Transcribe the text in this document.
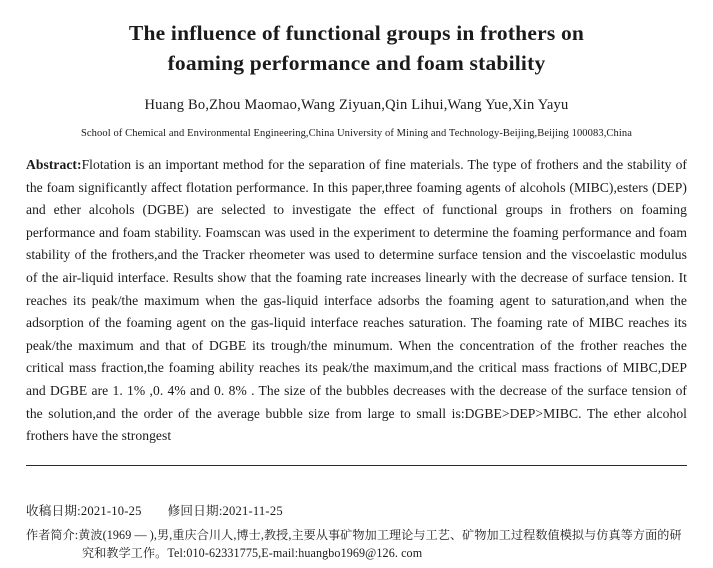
The influence of functional groups in frothers on
foaming performance and foam stability
Huang Bo,Zhou Maomao,Wang Ziyuan,Qin Lihui,Wang Yue,Xin Yayu
School of Chemical and Environmental Engineering,China University of Mining and Technology-Beijing,Beijing 100083,China
Abstract:Flotation is an important method for the separation of fine materials. The type of frothers and the stability of the foam significantly affect flotation performance. In this paper,three foaming agents of alcohols (MIBC),esters (DEP) and ether alcohols (DGBE) are selected to investigate the effect of functional groups in frothers on foaming performance and foam stability. Foamscan was used in the experiment to determine the foaming performance and foam stability of the frothers,and the Tracker rheometer was used to determine surface tension and the viscoelastic modulus of the air-liquid interface. Results show that the foaming rate increases linearly with the decrease of surface tension. It reaches its peak/the maximum when the gas-liquid interface adsorbs the foaming agent to saturation,and when the adsorption of the foaming agent on the gas-liquid interface reaches saturation. The foaming rate of MIBC reaches its peak/the maximum and that of DGBE its trough/the minumum. When the concentration of the frother reaches the critical mass fraction,the foaming ability reaches its peak/the maximum,and the critical mass fractions of MIBC,DEP and DGBE are 1. 1% ,0. 4% and 0. 8% . The size of the bubbles decreases with the decrease of the surface tension of the solution,and the order of the average bubble size from large to small is:DGBE>DEP>MIBC. The ether alcohol frothers have the strongest
收稿日期:2021-10-25 修回日期:2021-11-25
作者简介:黄波(1969 — ),男,重庆合川人,博士,教授,主要从事矿物加工理论与工艺、矿物加工过程数值模拟与仿真等方面的研
究和教学工作。Tel:010-62331775,E-mail:huangbo1969@126. com
